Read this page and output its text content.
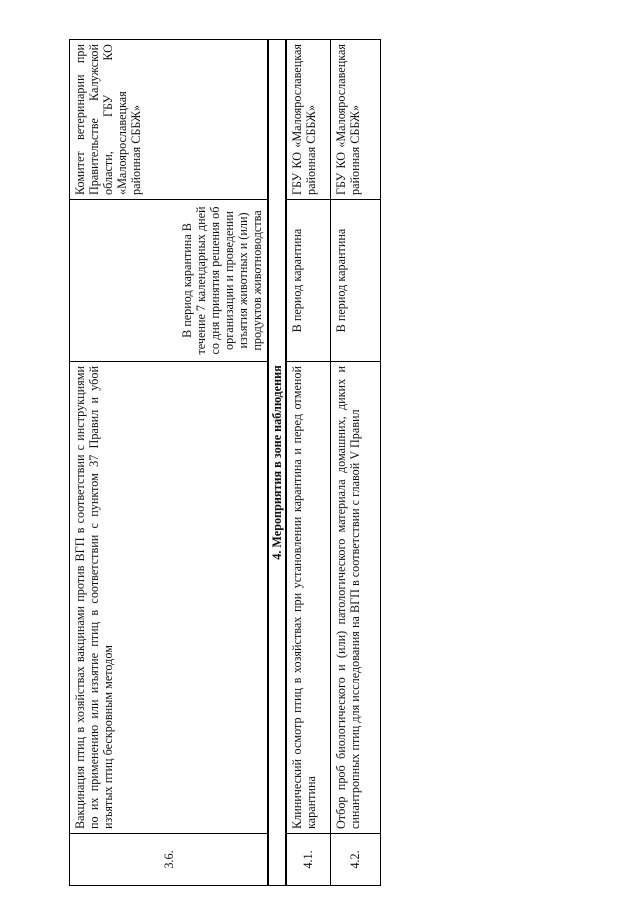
3.6.	Вакцинация птиц в хозяйствах вакцинами против ВГП в соответствии с инструкциями по их применению или изъятие птиц в соответствии с пунктом 37 Правил и убой изъятых птиц бескровным методом	В период карантина В течение 7 календарных дней со дня принятия решения об организации и проведении изъятия животных и (или) продуктов животноводства	Комитет ветеринарии при Правительстве Калужской области, ГБУ КО «Малоярославецкая районная СББЖ»
4. Мероприятия в зоне наблюдения			
4.1.	Клинический осмотр птиц в хозяйствах при установлении карантина и перед отменой карантина	В период карантина	ГБУ КО «Малоярославецкая районная СББЖ»
4.2.	Отбор проб биологического и (или) патологического материала домашних, диких и синантропных птиц для исследования на ВГП в соответствии с главой V Правил	В период карантина	ГБУ КО «Малоярославецкая районная СББЖ»
